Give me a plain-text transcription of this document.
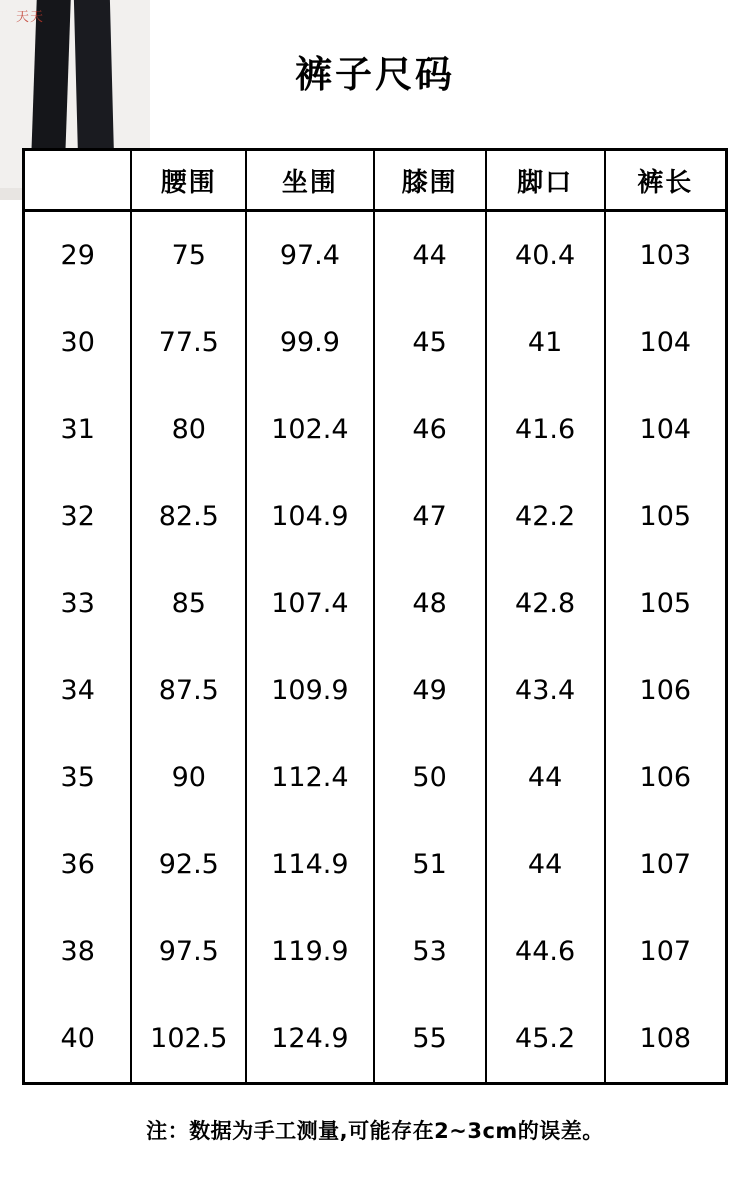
天天
裤子尺码
	腰围	坐围	膝围	脚口	裤长
29	75	97.4	44	40.4	103
30	77.5	99.9	45	41	104
31	80	102.4	46	41.6	104
32	82.5	104.9	47	42.2	105
33	85	107.4	48	42.8	105
34	87.5	109.9	49	43.4	106
35	90	112.4	50	44	106
36	92.5	114.9	51	44	107
38	97.5	119.9	53	44.6	107
40	102.5	124.9	55	45.2	108
注：数据为手工测量,可能存在2~3cm的误差。
